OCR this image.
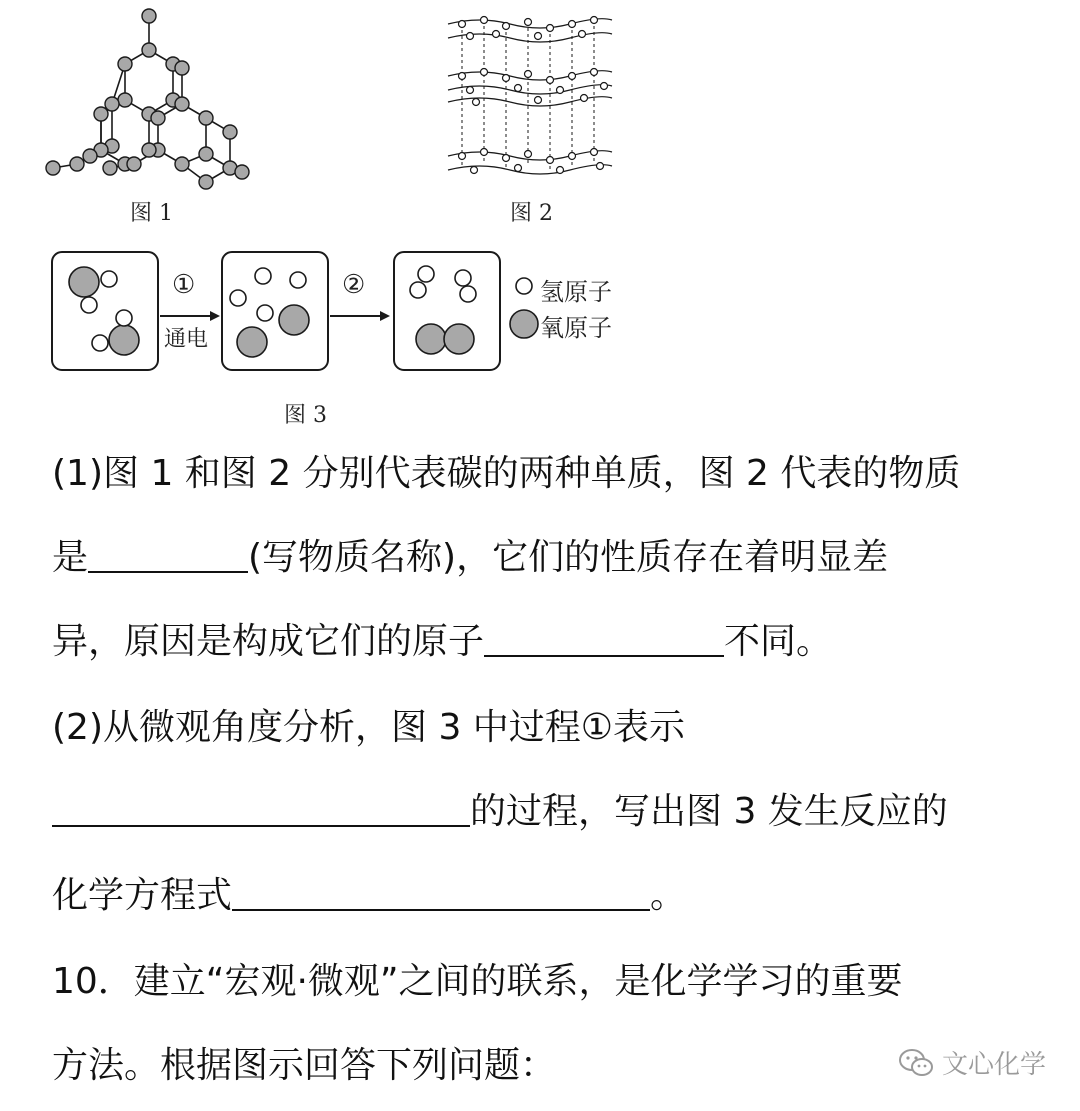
图 1	图 2
①
通电
②	氢原子
氧原子
图 3
(1)图 1 和图 2 分别代表碳的两种单质，图 2 代表的物质
是	(写物质名称)，它们的性质存在着明显差
异，原因是构成它们的原子	不同。
(2)从微观角度分析，图 3 中过程①表示
的过程，写出图 3 发生反应的
化学方程式	。
10．建立“宏观·微观”之间的联系，是化学学习的重要
方法。根据图示回答下列问题：	文心化学
